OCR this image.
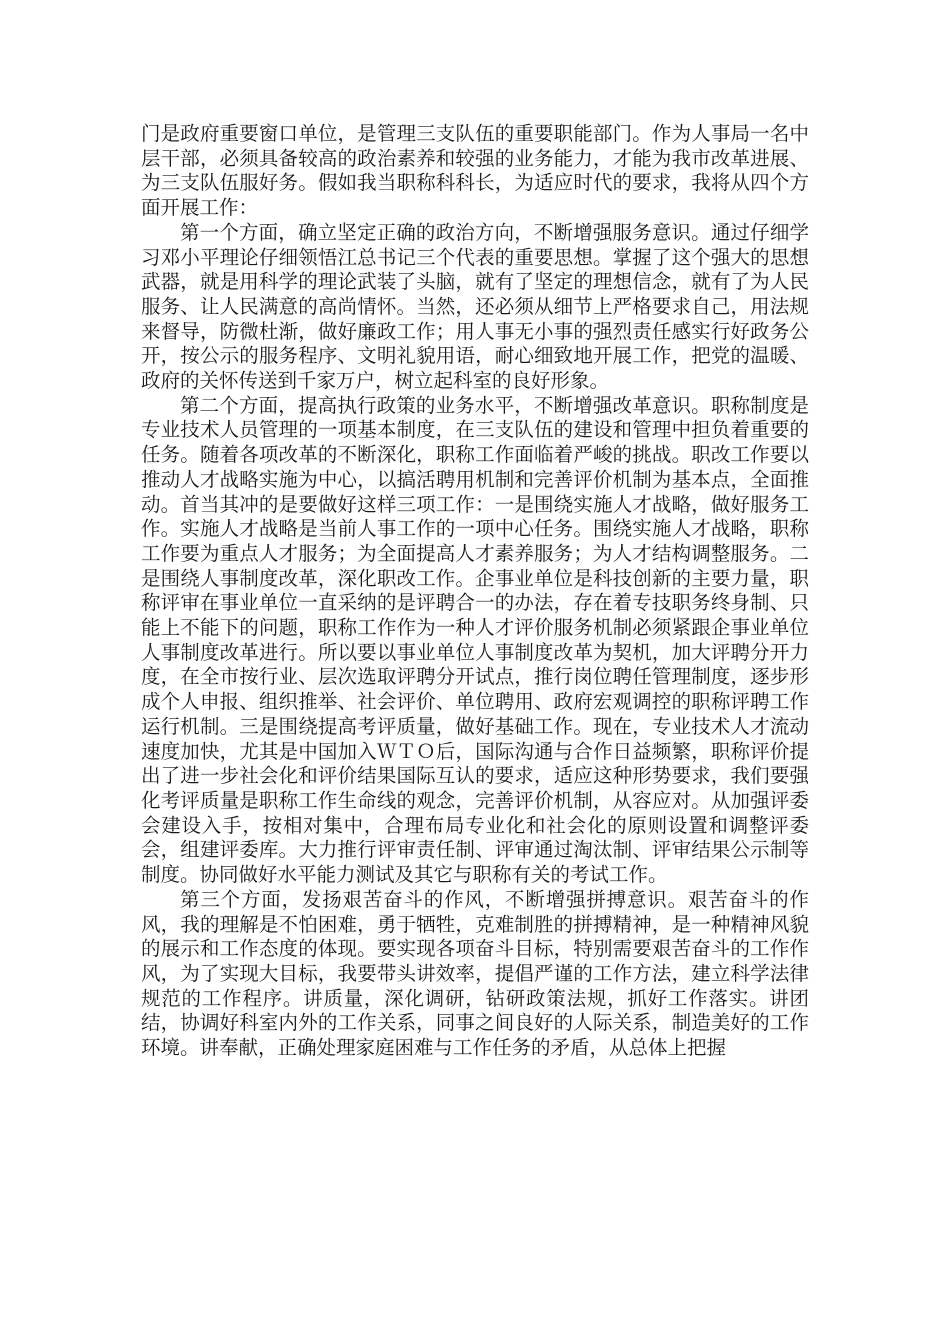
门是政府重要窗口单位，是管理三支队伍的重要职能部门。作为人事局一名中层干部，必须具备较高的政治素养和较强的业务能力，才能为我市改革进展、为三支队伍服好务。假如我当职称科科长，为适应时代的要求，我将从四个方面开展工作：

第一个方面，确立坚定正确的政治方向，不断增强服务意识。通过仔细学习邓小平理论仔细领悟江总书记三个代表的重要思想。掌握了这个强大的思想武器，就是用科学的理论武装了头脑，就有了坚定的理想信念，就有了为人民服务、让人民满意的高尚情怀。当然，还必须从细节上严格要求自己，用法规来督导，防微杜渐，做好廉政工作；用人事无小事的强烈责任感实行好政务公开，按公示的服务程序、文明礼貌用语，耐心细致地开展工作，把党的温暖、政府的关怀传送到千家万户，树立起科室的良好形象。

第二个方面，提高执行政策的业务水平，不断增强改革意识。职称制度是专业技术人员管理的一项基本制度，在三支队伍的建设和管理中担负着重要的任务。随着各项改革的不断深化，职称工作面临着严峻的挑战。职改工作要以推动人才战略实施为中心，以搞活聘用机制和完善评价机制为基本点，全面推动。首当其冲的是要做好这样三项工作：一是围绕实施人才战略，做好服务工作。实施人才战略是当前人事工作的一项中心任务。围绕实施人才战略，职称工作要为重点人才服务；为全面提高人才素养服务；为人才结构调整服务。二是围绕人事制度改革，深化职改工作。企事业单位是科技创新的主要力量，职称评审在事业单位一直采纳的是评聘合一的办法，存在着专技职务终身制、只能上不能下的问题，职称工作作为一种人才评价服务机制必须紧跟企事业单位人事制度改革进行。所以要以事业单位人事制度改革为契机，加大评聘分开力度，在全市按行业、层次选取评聘分开试点，推行岗位聘任管理制度，逐步形成个人申报、组织推举、社会评价、单位聘用、政府宏观调控的职称评聘工作运行机制。三是围绕提高考评质量，做好基础工作。现在，专业技术人才流动速度加快，尤其是中国加入ＷＴＯ后，国际沟通与合作日益频繁，职称评价提出了进一步社会化和评价结果国际互认的要求，适应这种形势要求，我们要强化考评质量是职称工作生命线的观念，完善评价机制，从容应对。从加强评委会建设入手，按相对集中，合理布局专业化和社会化的原则设置和调整评委会，组建评委库。大力推行评审责任制、评审通过淘汰制、评审结果公示制等制度。协同做好水平能力测试及其它与职称有关的考试工作。

第三个方面，发扬艰苦奋斗的作风，不断增强拼搏意识。艰苦奋斗的作风，我的理解是不怕困难，勇于牺牲，克难制胜的拼搏精神，是一种精神风貌的展示和工作态度的体现。要实现各项奋斗目标，特别需要艰苦奋斗的工作作风，为了实现大目标，我要带头讲效率，提倡严谨的工作方法，建立科学法律规范的工作程序。讲质量，深化调研，钻研政策法规，抓好工作落实。讲团结，协调好科室内外的工作关系，同事之间良好的人际关系，制造美好的工作环境。讲奉献，正确处理家庭困难与工作任务的矛盾，从总体上把握
